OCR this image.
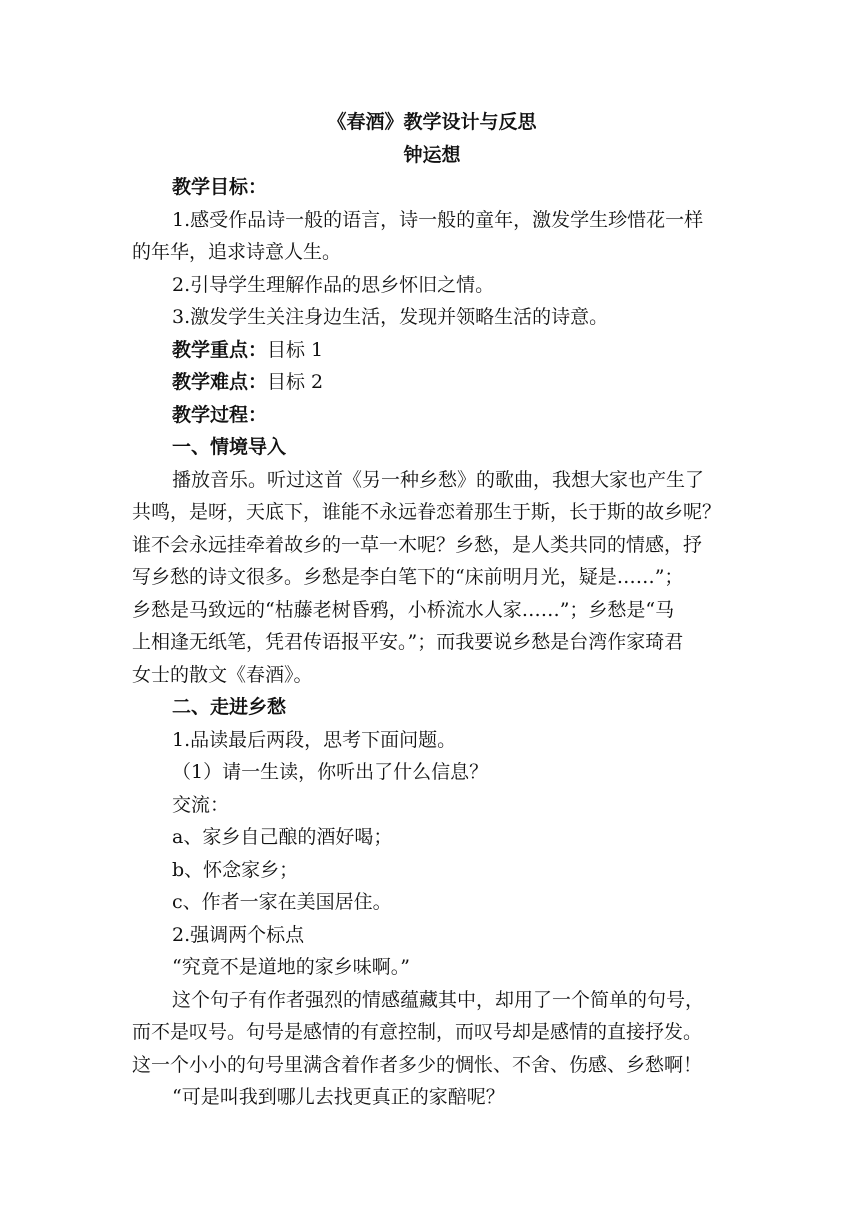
《春酒》教学设计与反思
钟运想
教学目标：
1.感受作品诗一般的语言，诗一般的童年，激发学生珍惜花一样
的年华，追求诗意人生。
2.引导学生理解作品的思乡怀旧之情。
3.激发学生关注身边生活，发现并领略生活的诗意。
教学重点：目标 1
教学难点：目标 2
教学过程：
一、情境导入
播放音乐。听过这首《另一种乡愁》的歌曲，我想大家也产生了
共鸣，是呀，天底下，谁能不永远眷恋着那生于斯，长于斯的故乡呢？
谁不会永远挂牵着故乡的一草一木呢？乡愁，是人类共同的情感，抒
写乡愁的诗文很多。乡愁是李白笔下的“床前明月光，疑是……”；
乡愁是马致远的“枯藤老树昏鸦，小桥流水人家……”；乡愁是“马
上相逢无纸笔，凭君传语报平安。”；而我要说乡愁是台湾作家琦君
女士的散文《春酒》。
二、走进乡愁
1.品读最后两段，思考下面问题。
（1）请一生读，你听出了什么信息？
交流：
a、家乡自己酿的酒好喝；
b、怀念家乡；
c、作者一家在美国居住。
2.强调两个标点
“究竟不是道地的家乡味啊。”
这个句子有作者强烈的情感蕴藏其中，却用了一个简单的句号，
而不是叹号。句号是感情的有意控制，而叹号却是感情的直接抒发。
这一个小小的句号里满含着作者多少的惆怅、不舍、伤感、乡愁啊！
“可是叫我到哪儿去找更真正的家醅呢？
